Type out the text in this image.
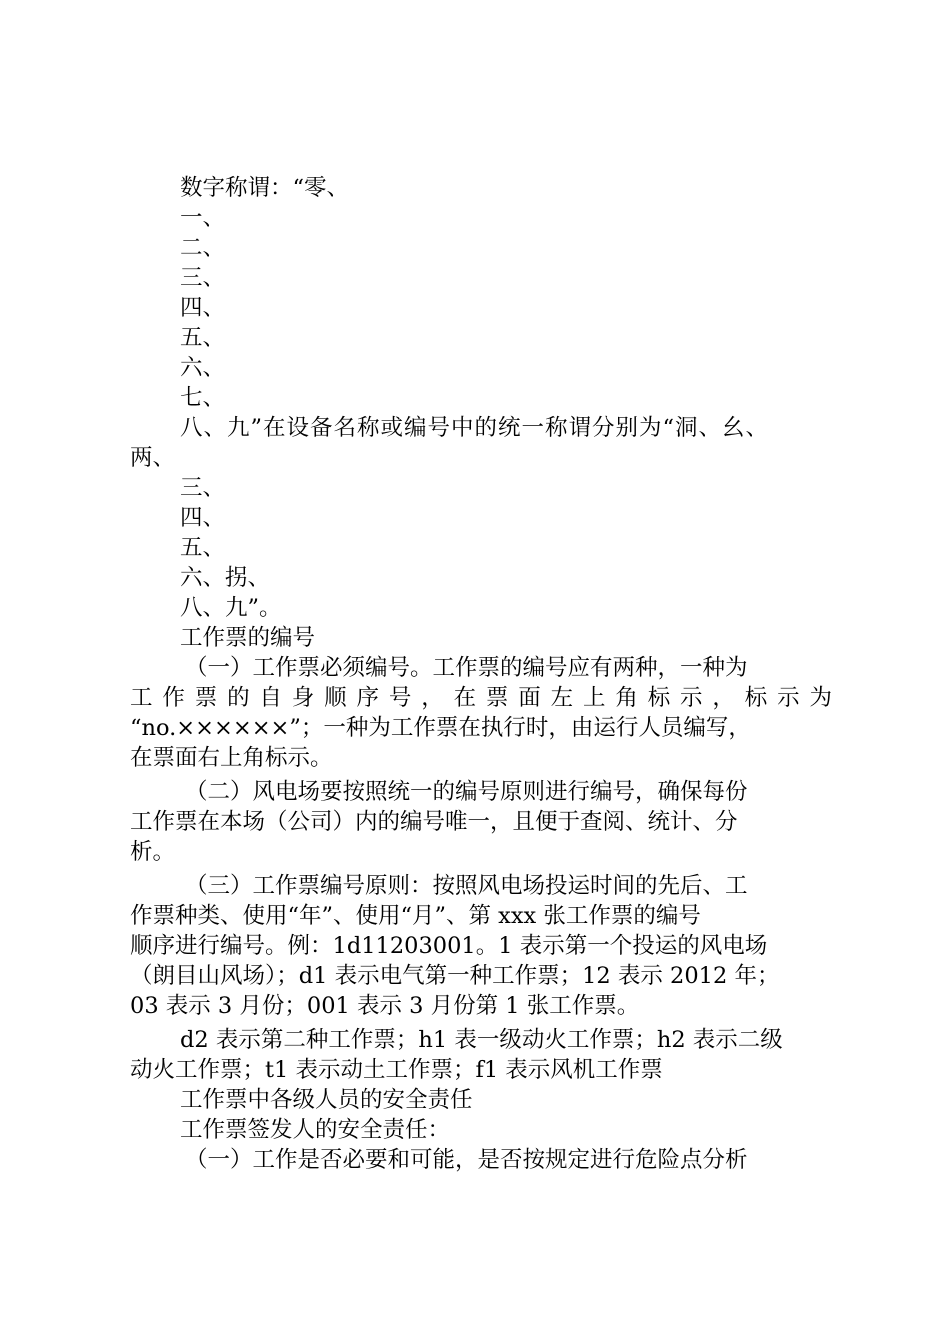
数字称谓：“零、
一、
二、
三、
四、
五、
六、
七、
八、九”在设备名称或编号中的统一称谓分别为“洞、幺、
两、
三、
四、
五、
六、拐、
八、九”。
工作票的编号
（一）工作票必须编号。工作票的编号应有两种，一种为
工作票的自身顺序号，在票面左上角标示，标示为
“no.××××××”；一种为工作票在执行时，由运行人员编写，
在票面右上角标示。
（二）风电场要按照统一的编号原则进行编号，确保每份
工作票在本场（公司）内的编号唯一，且便于查阅、统计、分
析。
（三）工作票编号原则：按照风电场投运时间的先后、工
作票种类、使用“年”、使用“月”、第 xxx 张工作票的编号
顺序进行编号。例：1d11203001。1 表示第一个投运的风电场
（朗目山风场）；d1 表示电气第一种工作票；12 表示 2012 年；
03 表示 3 月份；001 表示 3 月份第 1 张工作票。
d2 表示第二种工作票；h1 表一级动火工作票；h2 表示二级
动火工作票；t1 表示动土工作票；f1 表示风机工作票
工作票中各级人员的安全责任
工作票签发人的安全责任：
（一）工作是否必要和可能，是否按规定进行危险点分析
